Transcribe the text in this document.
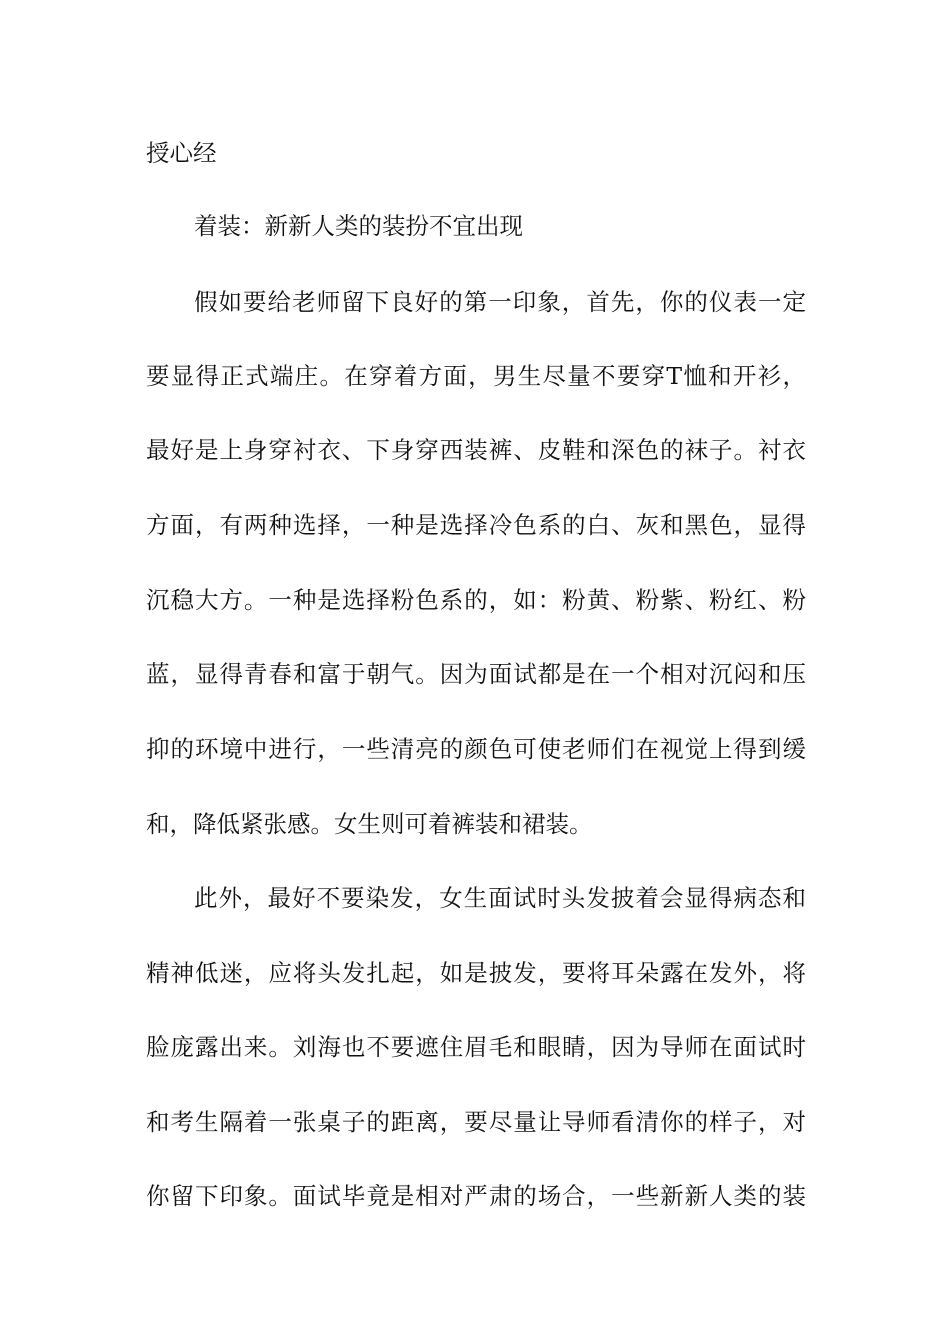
授心经
着装：新新人类的装扮不宜出现
假如要给老师留下良好的第一印象，首先，你的仪表一定
要显得正式端庄。在穿着方面，男生尽量不要穿T恤和开衫，
最好是上身穿衬衣、下身穿西装裤、皮鞋和深色的袜子。衬衣
方面，有两种选择，一种是选择冷色系的白、灰和黑色，显得
沉稳大方。一种是选择粉色系的，如：粉黄、粉紫、粉红、粉
蓝，显得青春和富于朝气。因为面试都是在一个相对沉闷和压
抑的环境中进行，一些清亮的颜色可使老师们在视觉上得到缓
和，降低紧张感。女生则可着裤装和裙装。
此外，最好不要染发，女生面试时头发披着会显得病态和
精神低迷，应将头发扎起，如是披发，要将耳朵露在发外，将
脸庞露出来。刘海也不要遮住眉毛和眼睛，因为导师在面试时
和考生隔着一张桌子的距离，要尽量让导师看清你的样子，对
你留下印象。面试毕竟是相对严肃的场合，一些新新人类的装
